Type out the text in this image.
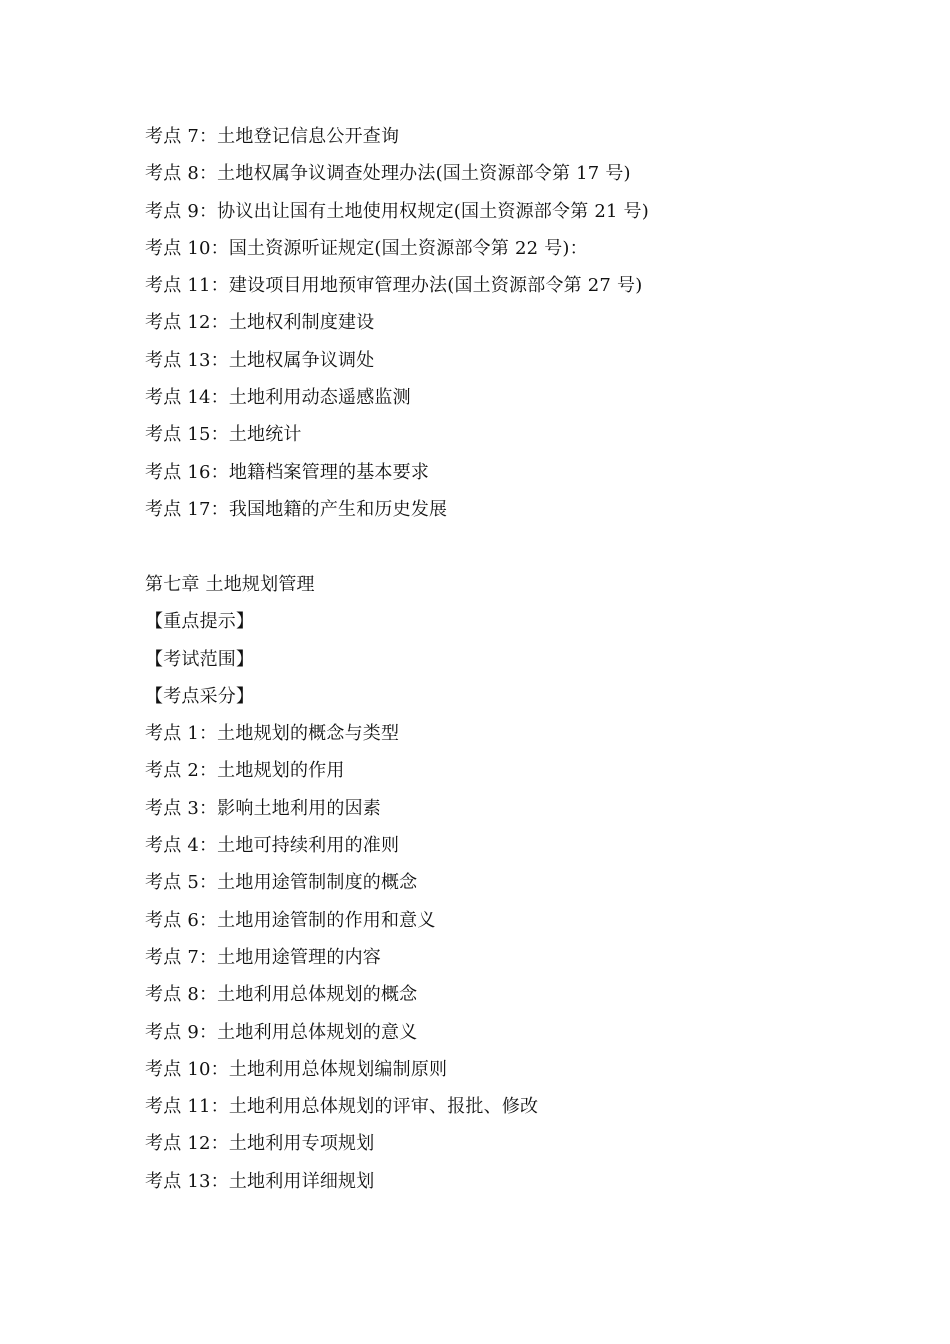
考点 7：土地登记信息公开查询
考点 8：土地权属争议调查处理办法(国土资源部令第 17 号)
考点 9：协议出让国有土地使用权规定(国土资源部令第 21 号)
考点 10：国土资源听证规定(国土资源部令第 22 号)：
考点 11：建设项目用地预审管理办法(国土资源部令第 27 号)
考点 12：土地权利制度建设
考点 13：土地权属争议调处
考点 14：土地利用动态遥感监测
考点 15：土地统计
考点 16：地籍档案管理的基本要求
考点 17：我国地籍的产生和历史发展
第七章 土地规划管理
【重点提示】
【考试范围】
【考点采分】
考点 1：土地规划的概念与类型
考点 2：土地规划的作用
考点 3：影响土地利用的因素
考点 4：土地可持续利用的准则
考点 5：土地用途管制制度的概念
考点 6：土地用途管制的作用和意义
考点 7：土地用途管理的内容
考点 8：土地利用总体规划的概念
考点 9：土地利用总体规划的意义
考点 10：土地利用总体规划编制原则
考点 11：土地利用总体规划的评审、报批、修改
考点 12：土地利用专项规划
考点 13：土地利用详细规划
